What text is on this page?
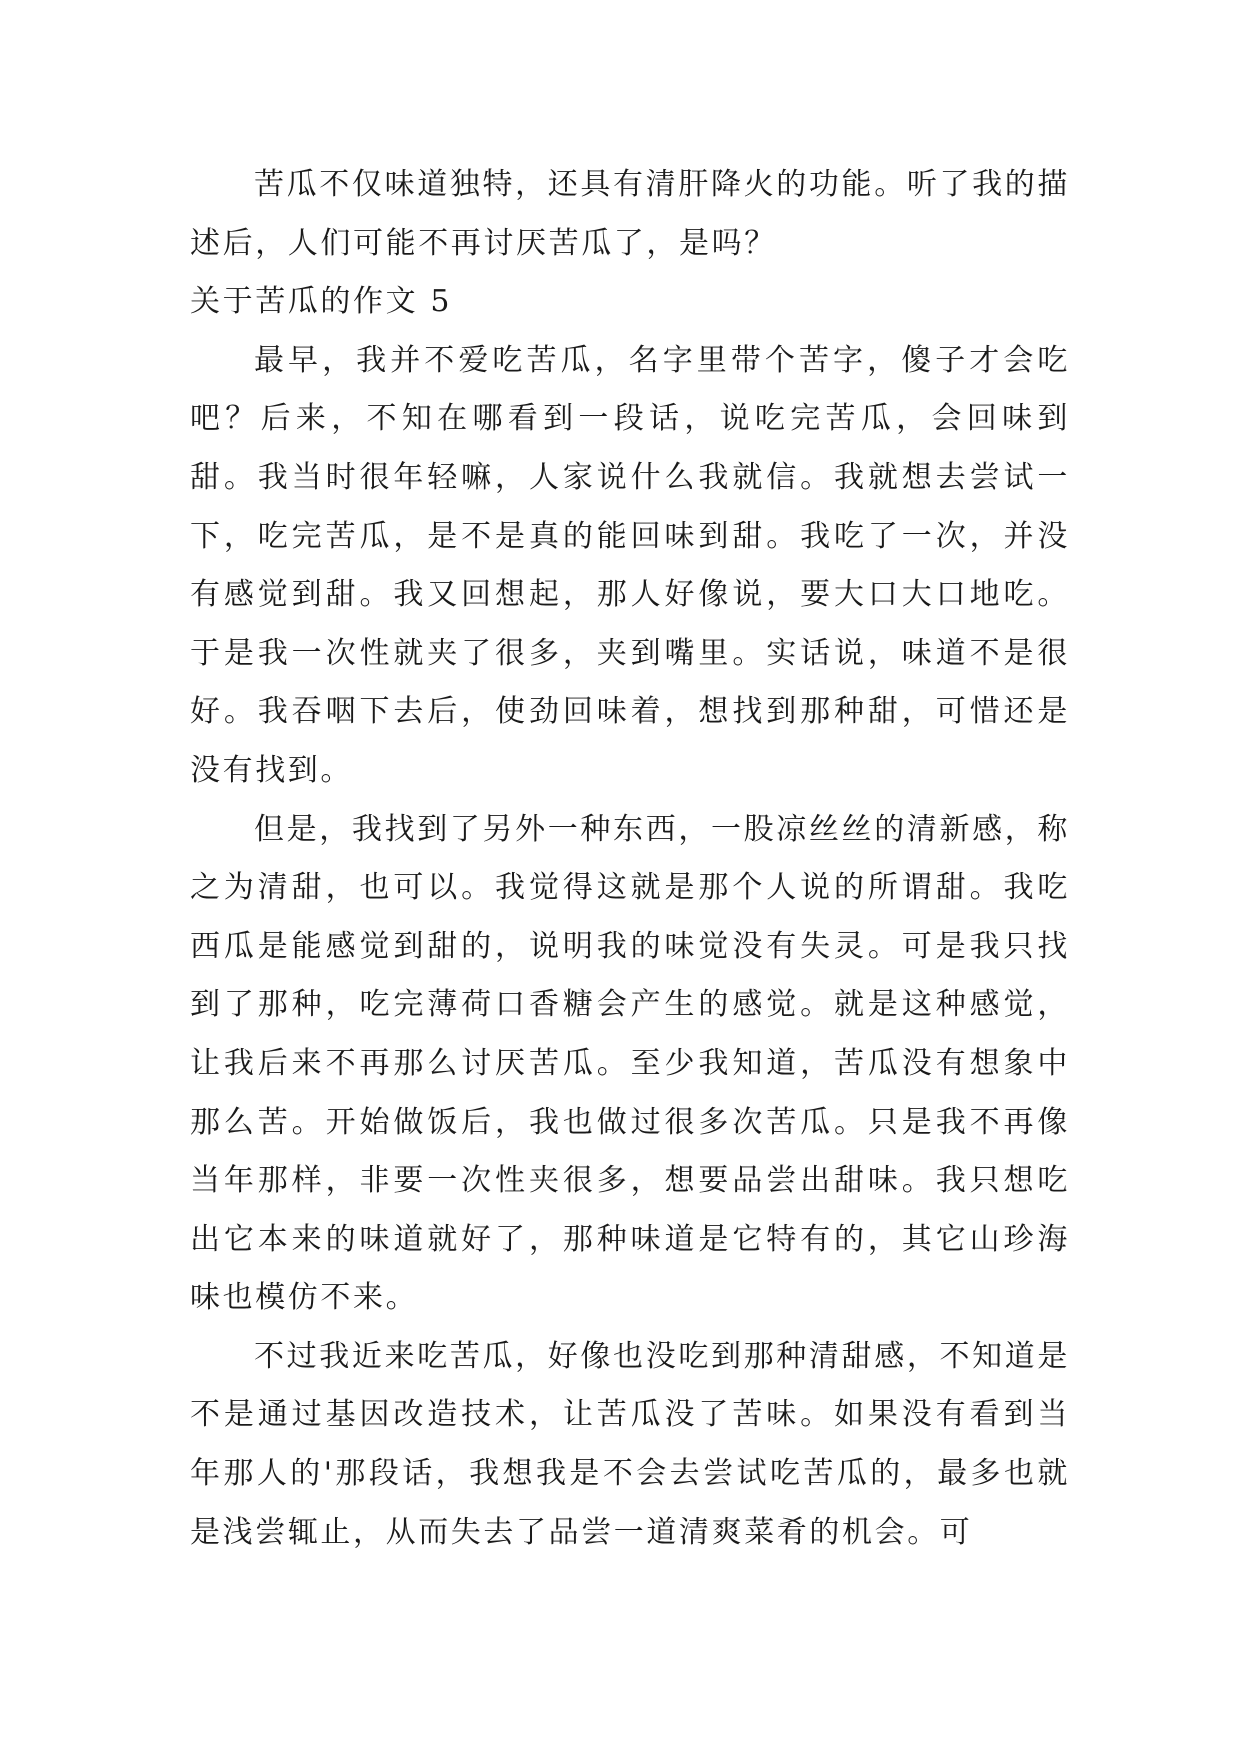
苦瓜不仅味道独特，还具有清肝降火的功能。听了我的描述后，人们可能不再讨厌苦瓜了，是吗？

关于苦瓜的作文 5

最早，我并不爱吃苦瓜，名字里带个苦字，傻子才会吃吧？后来，不知在哪看到一段话，说吃完苦瓜，会回味到甜。我当时很年轻嘛，人家说什么我就信。我就想去尝试一下，吃完苦瓜，是不是真的能回味到甜。我吃了一次，并没有感觉到甜。我又回想起，那人好像说，要大口大口地吃。于是我一次性就夹了很多，夹到嘴里。实话说，味道不是很好。我吞咽下去后，使劲回味着，想找到那种甜，可惜还是没有找到。

但是，我找到了另外一种东西，一股凉丝丝的清新感，称之为清甜，也可以。我觉得这就是那个人说的所谓甜。我吃西瓜是能感觉到甜的，说明我的味觉没有失灵。可是我只找到了那种，吃完薄荷口香糖会产生的感觉。就是这种感觉，让我后来不再那么讨厌苦瓜。至少我知道，苦瓜没有想象中那么苦。开始做饭后，我也做过很多次苦瓜。只是我不再像当年那样，非要一次性夹很多，想要品尝出甜味。我只想吃出它本来的味道就好了，那种味道是它特有的，其它山珍海味也模仿不来。

不过我近来吃苦瓜，好像也没吃到那种清甜感，不知道是不是通过基因改造技术，让苦瓜没了苦味。如果没有看到当年那人的'那段话，我想我是不会去尝试吃苦瓜的，最多也就是浅尝辄止，从而失去了品尝一道清爽菜肴的机会。可
